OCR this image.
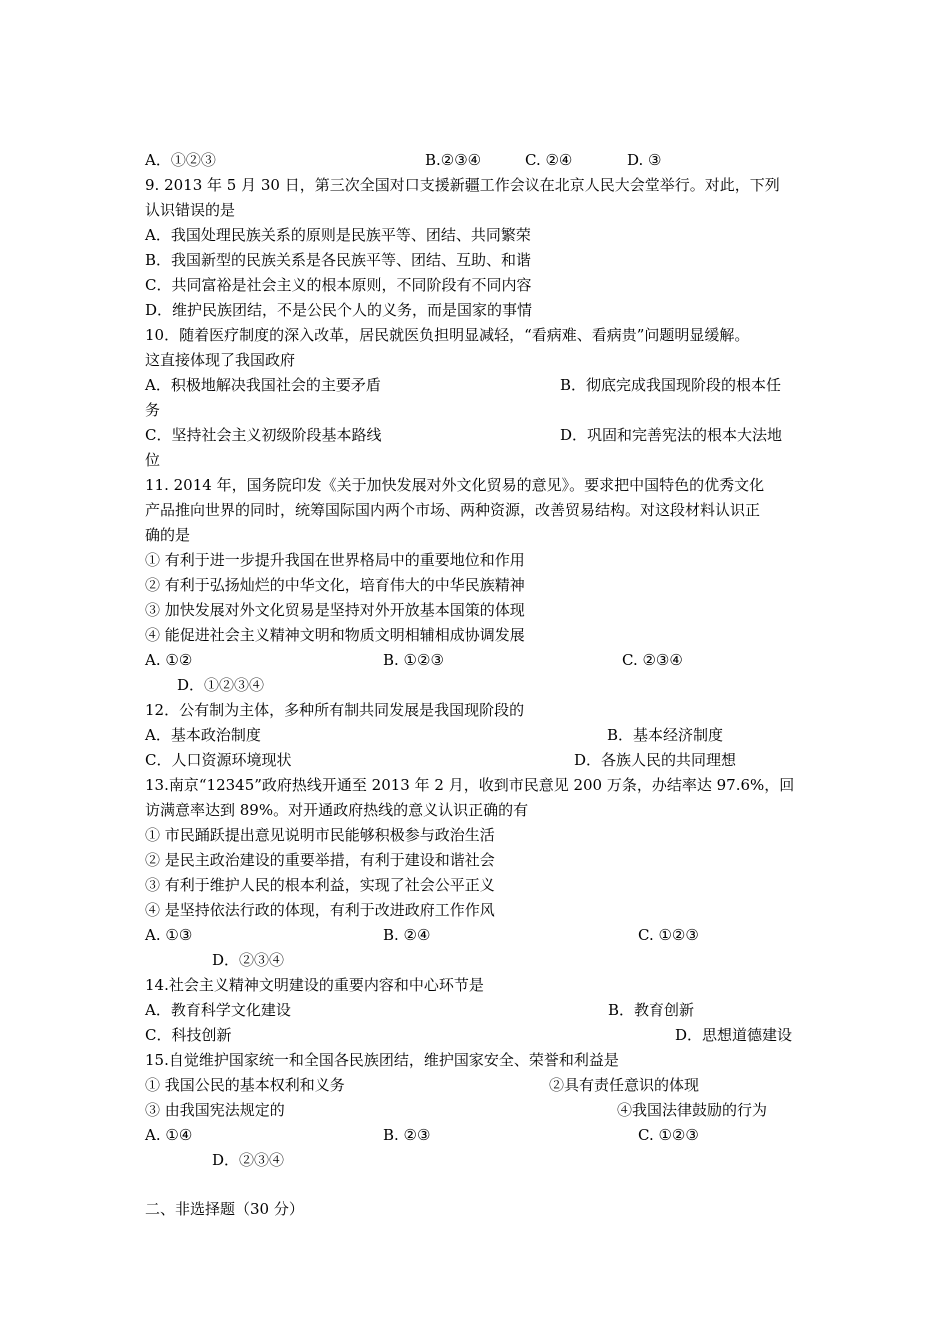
A．①②③	B.②③④	C. ②④	D. ③
9. 2013 年 5 月 30 日，第三次全国对口支援新疆工作会议在北京人民大会堂举行。对此，下列
认识错误的是
A．我国处理民族关系的原则是民族平等、团结、共同繁荣
B．我国新型的民族关系是各民族平等、团结、互助、和谐
C．共同富裕是社会主义的根本原则，不同阶段有不同内容
D．维护民族团结，不是公民个人的义务，而是国家的事情
10．随着医疗制度的深入改革，居民就医负担明显减轻，“看病难、看病贵”问题明显缓解。
这直接体现了我国政府
A．积极地解决我国社会的主要矛盾	B．彻底完成我国现阶段的根本任
务
C．坚持社会主义初级阶段基本路线	D．巩固和完善宪法的根本大法地
位
11. 2014 年，国务院印发《关于加快发展对外文化贸易的意见》。要求把中国特色的优秀文化
产品推向世界的同时，统筹国际国内两个市场、两种资源，改善贸易结构。对这段材料认识正
确的是
① 有利于进一步提升我国在世界格局中的重要地位和作用
② 有利于弘扬灿烂的中华文化，培育伟大的中华民族精神
③ 加快发展对外文化贸易是坚持对外开放基本国策的体现
④ 能促进社会主义精神文明和物质文明相辅相成协调发展
A. ①②	B. ①②③	C. ②③④
D．①②③④
12．公有制为主体，多种所有制共同发展是我国现阶段的
A．基本政治制度	B．基本经济制度
C．人口资源环境现状	D．各族人民的共同理想
13.南京“12345”政府热线开通至 2013 年 2 月，收到市民意见 200 万条，办结率达 97.6%，回
访满意率达到 89%。对开通政府热线的意义认识正确的有
① 市民踊跃提出意见说明市民能够积极参与政治生活
② 是民主政治建设的重要举措，有利于建设和谐社会
③ 有利于维护人民的根本利益，实现了社会公平正义
④ 是坚持依法行政的体现，有利于改进政府工作作风
A. ①③	B. ②④	C. ①②③
D．②③④
14.社会主义精神文明建设的重要内容和中心环节是
A．教育科学文化建设	B．教育创新
C．科技创新	D．思想道德建设
15.自觉维护国家统一和全国各民族团结，维护国家安全、荣誉和利益是
① 我国公民的基本权利和义务	②具有责任意识的体现
③ 由我国宪法规定的	④我国法律鼓励的行为
A. ①④	B. ②③	C. ①②③
D．②③④
二、非选择题（30 分）
